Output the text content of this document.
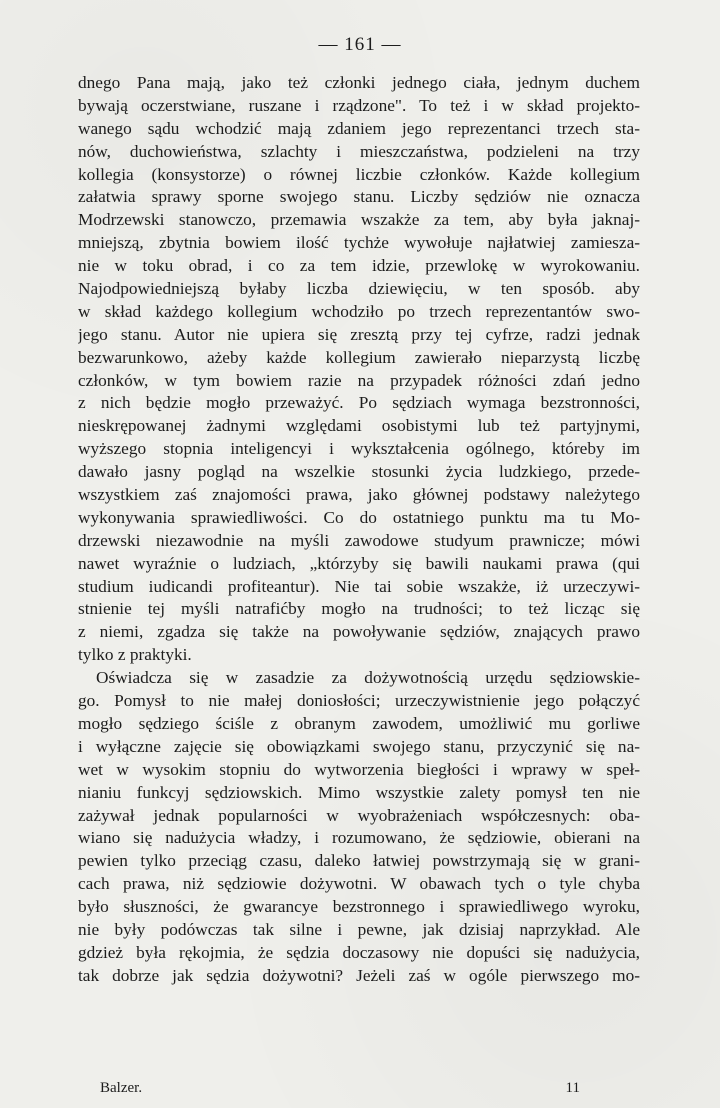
— 161 —
dnego Pana mają, jako też członki jednego ciała, jednym duchem
bywają oczerstwiane, ruszane i rządzone". To też i w skład projekto-
wanego sądu wchodzić mają zdaniem jego reprezentanci trzech sta-
nów, duchowieństwa, szlachty i mieszczaństwa, podzieleni na trzy
kollegia (konsystorze) o równej liczbie członków. Każde kollegium
załatwia sprawy sporne swojego stanu. Liczby sędziów nie oznacza
Modrzewski stanowczo, przemawia wszakże za tem, aby była jaknaj-
mniejszą, zbytnia bowiem ilość tychże wywołuje najłatwiej zamiesza-
nie w toku obrad, i co za tem idzie, przewlokę w wyrokowaniu.
Najodpowiedniejszą byłaby liczba dziewięciu, w ten sposób. aby
w skład każdego kollegium wchodziło po trzech reprezentantów swo-
jego stanu. Autor nie upiera się zresztą przy tej cyfrze, radzi jednak
bezwarunkowo, ażeby każde kollegium zawierało nieparzystą liczbę
członków, w tym bowiem razie na przypadek różności zdań jedno
z nich będzie mogło przeważyć. Po sędziach wymaga bezstronności,
nieskrępowanej żadnymi względami osobistymi lub też partyjnymi,
wyższego stopnia inteligencyi i wykształcenia ogólnego, któreby im
dawało jasny pogląd na wszelkie stosunki życia ludzkiego, przede-
wszystkiem zaś znajomości prawa, jako głównej podstawy należytego
wykonywania sprawiedliwości. Co do ostatniego punktu ma tu Mo-
drzewski niezawodnie na myśli zawodowe studyum prawnicze; mówi
nawet wyraźnie o ludziach, „którzyby się bawili naukami prawa (qui
studium iudicandi profiteantur). Nie tai sobie wszakże, iż urzeczywi-
stnienie tej myśli natrafićby mogło na trudności; to też licząc się
z niemi, zgadza się także na powoływanie sędziów, znających prawo
tylko z praktyki.
Oświadcza się w zasadzie za dożywotnością urzędu sędziowskie-
go. Pomysł to nie małej doniosłości; urzeczywistnienie jego połączyć
mogło sędziego ściśle z obranym zawodem, umożliwić mu gorliwe
i wyłączne zajęcie się obowiązkami swojego stanu, przyczynić się na-
wet w wysokim stopniu do wytworzenia biegłości i wprawy w speł-
nianiu funkcyj sędziowskich. Mimo wszystkie zalety pomysł ten nie
zażywał jednak popularności w wyobrażeniach współczesnych: oba-
wiano się nadużycia władzy, i rozumowano, że sędziowie, obierani na
pewien tylko przeciąg czasu, daleko łatwiej powstrzymają się w grani-
cach prawa, niż sędziowie dożywotni. W obawach tych o tyle chyba
było słuszności, że gwarancye bezstronnego i sprawiedliwego wyroku,
nie były podówczas tak silne i pewne, jak dzisiaj naprzykład. Ale
gdzież była rękojmia, że sędzia doczasowy nie dopuści się nadużycia,
tak dobrze jak sędzia dożywotni? Jeżeli zaś w ogóle pierwszego mo-
Balzer.	11
